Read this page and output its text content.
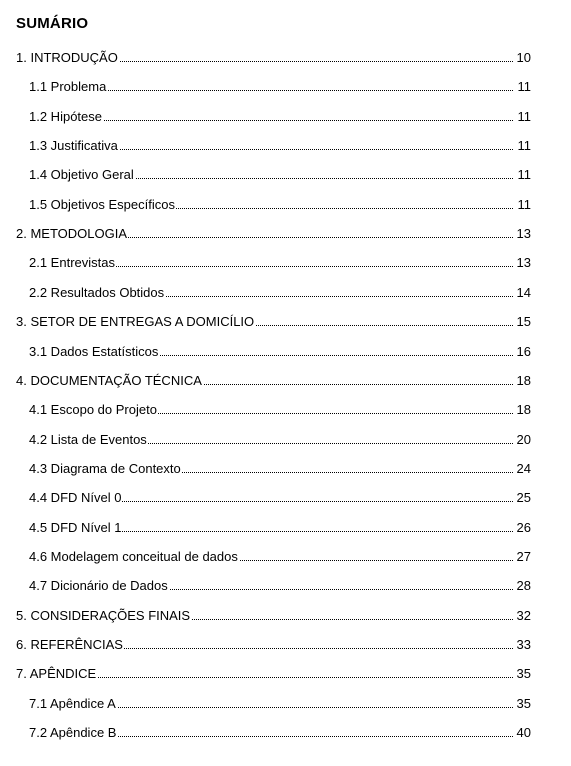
SUMÁRIO
1. INTRODUÇÃO	10
1.1 Problema	11
1.2 Hipótese	11
1.3 Justificativa	11
1.4 Objetivo Geral	11
1.5 Objetivos Específicos	11
2. METODOLOGIA	13
2.1 Entrevistas	13
2.2 Resultados Obtidos	14
3. SETOR DE ENTREGAS A DOMICÍLIO	15
3.1 Dados Estatísticos	16
4. DOCUMENTAÇÃO TÉCNICA	18
4.1 Escopo do Projeto	18
4.2 Lista de Eventos	20
4.3 Diagrama de Contexto	24
4.4 DFD Nível 0	25
4.5 DFD Nível 1	26
4.6 Modelagem conceitual de dados	27
4.7 Dicionário de Dados	28
5. CONSIDERAÇÕES FINAIS	32
6. REFERÊNCIAS	33
7. APÊNDICE	35
7.1 Apêndice A	35
7.2 Apêndice B	40
